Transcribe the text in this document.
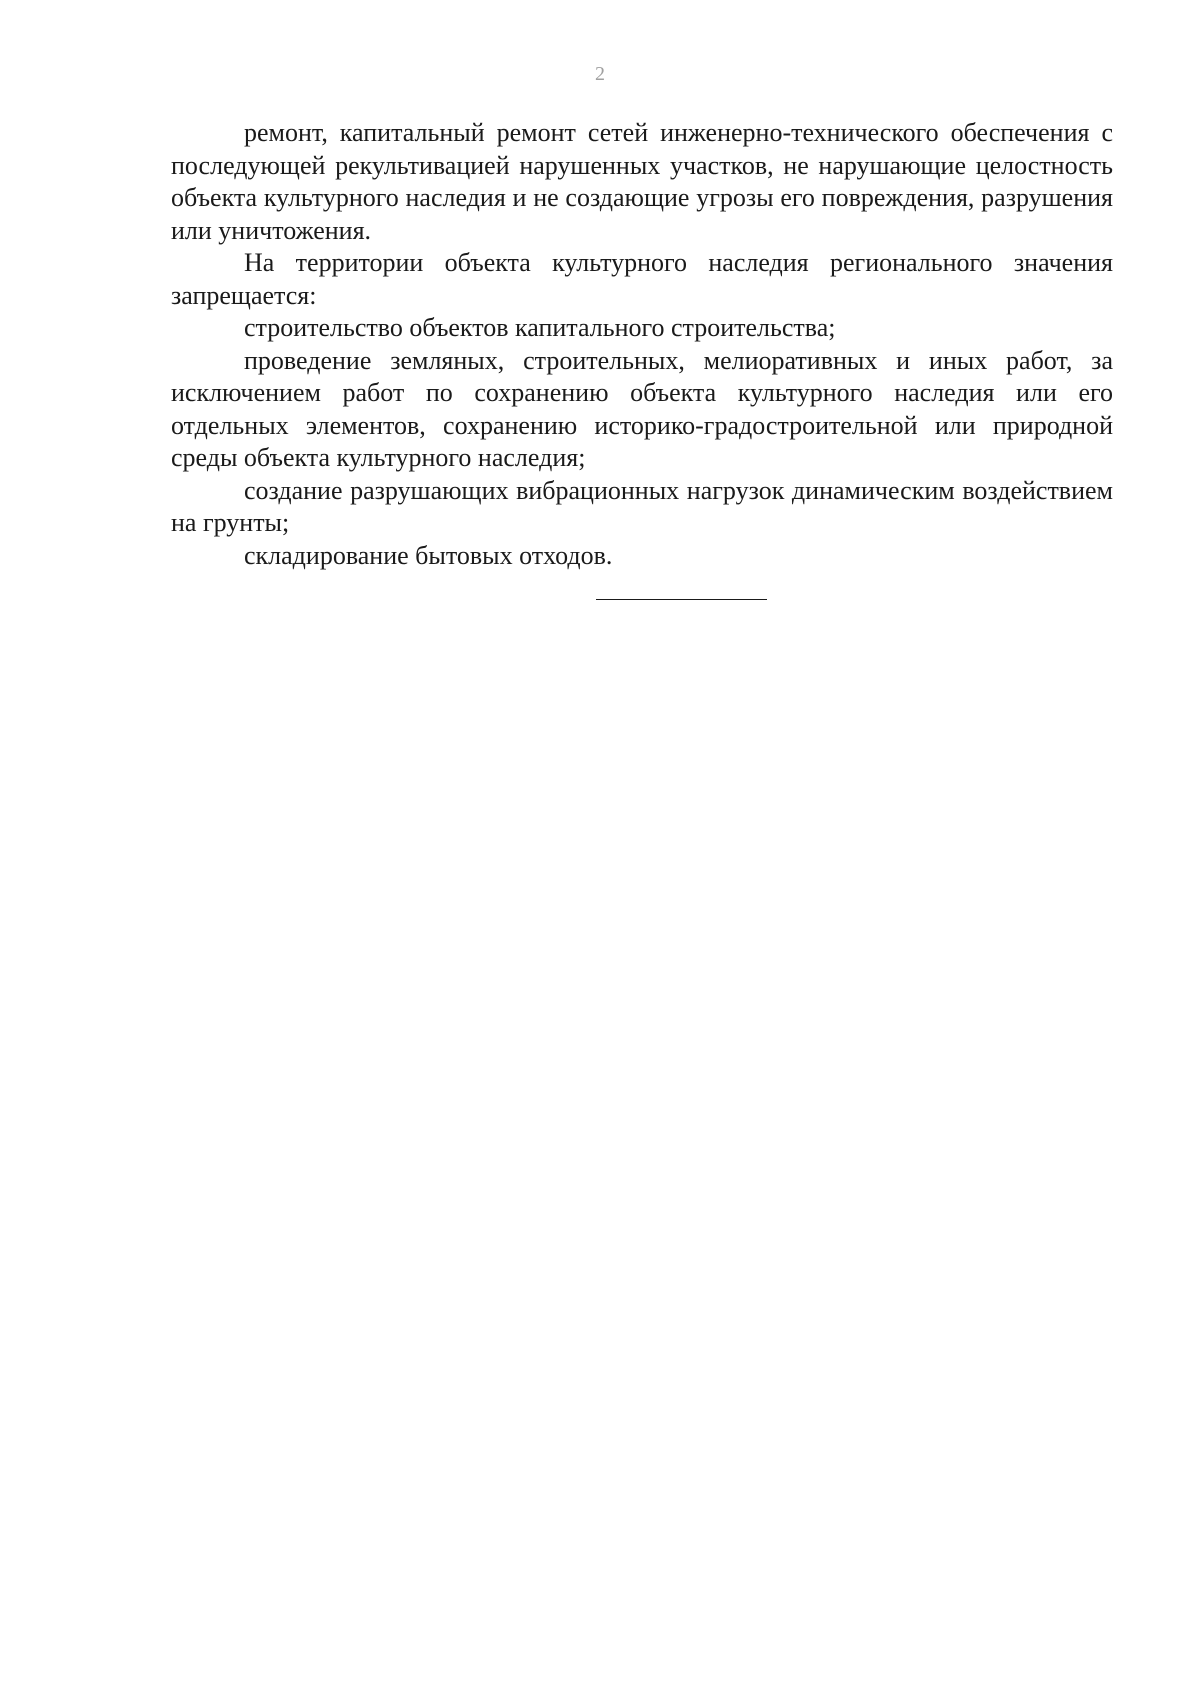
2

ремонт, капитальный ремонт сетей инженерно-технического обеспечения с последующей рекультивацией нарушенных участков, не нарушающие целостность объекта культурного наследия и не создающие угрозы его повреждения, разрушения или уничтожения.

На территории объекта культурного наследия регионального значения запрещается:

строительство объектов капитального строительства;

проведение земляных, строительных, мелиоративных и иных работ, за исключением работ по сохранению объекта культурного наследия или его отдельных элементов, сохранению историко-градостроительной или природной среды объекта культурного наследия;

создание разрушающих вибрационных нагрузок динамическим воздействием на грунты;

складирование бытовых отходов.
